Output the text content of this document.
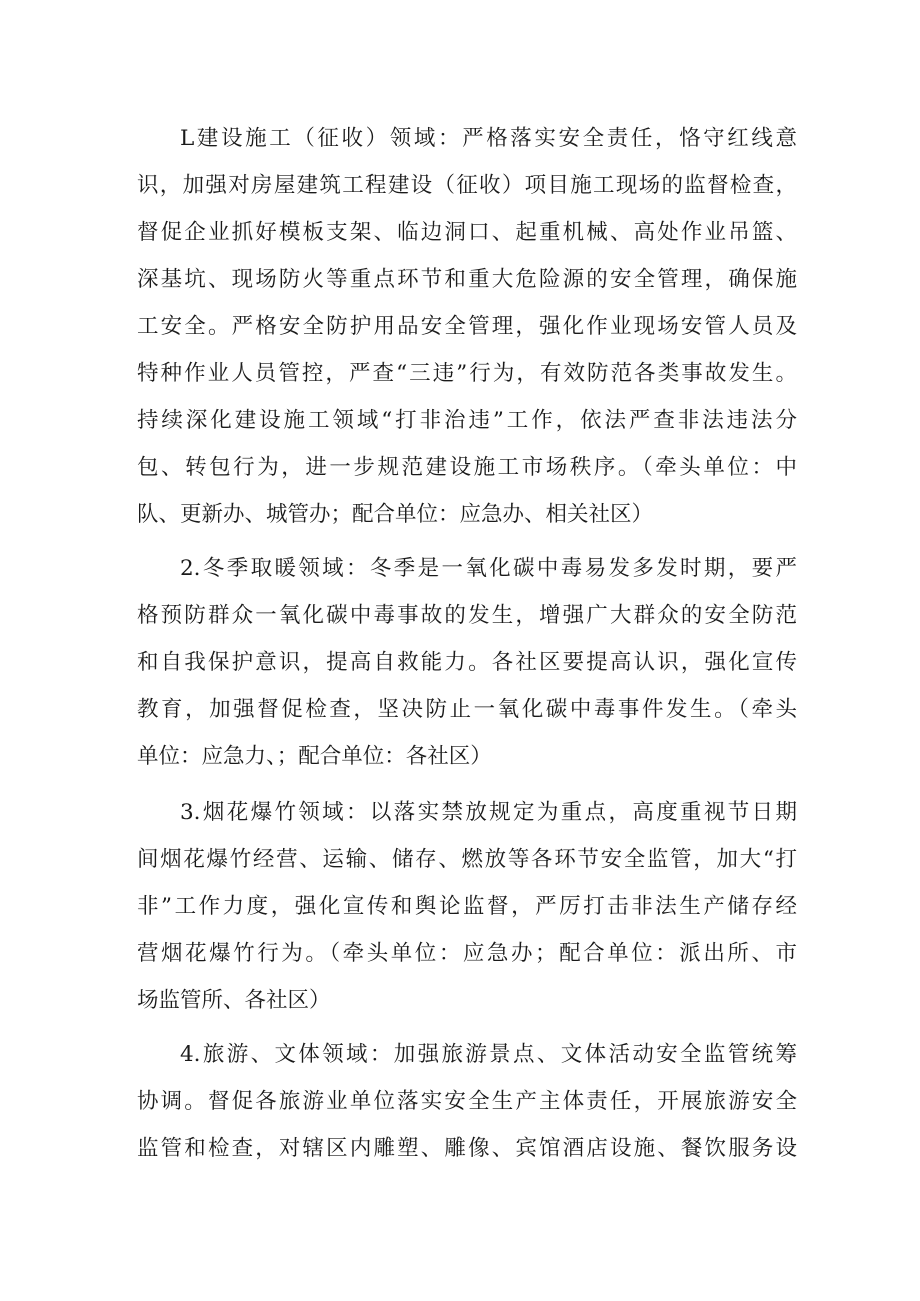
L建设施工（征收）领域：严格落实安全责任，恪守红线意
识，加强对房屋建筑工程建设（征收）项目施工现场的监督检查，
督促企业抓好模板支架、临边洞口、起重机械、高处作业吊篮、
深基坑、现场防火等重点环节和重大危险源的安全管理，确保施
工安全。严格安全防护用品安全管理，强化作业现场安管人员及
特种作业人员管控，严查“三违”行为，有效防范各类事故发生。
持续深化建设施工领域“打非治违”工作，依法严查非法违法分
包、转包行为，进一步规范建设施工市场秩序。（牵头单位：中
队、更新办、城管办；配合单位：应急办、相关社区）
2.冬季取暖领域：冬季是一氧化碳中毒易发多发时期，要严
格预防群众一氧化碳中毒事故的发生，增强广大群众的安全防范
和自我保护意识，提高自救能力。各社区要提高认识，强化宣传
教育，加强督促检查，坚决防止一氧化碳中毒事件发生。（牵头
单位：应急力、；配合单位：各社区）
3.烟花爆竹领域：以落实禁放规定为重点，高度重视节日期
间烟花爆竹经营、运输、储存、燃放等各环节安全监管，加大“打
非”工作力度，强化宣传和舆论监督，严厉打击非法生产储存经
营烟花爆竹行为。（牵头单位：应急办；配合单位：派出所、市
场监管所、各社区）
4.旅游、文体领域：加强旅游景点、文体活动安全监管统筹
协调。督促各旅游业单位落实安全生产主体责任，开展旅游安全
监管和检查，对辖区内雕塑、雕像、宾馆酒店设施、餐饮服务设
